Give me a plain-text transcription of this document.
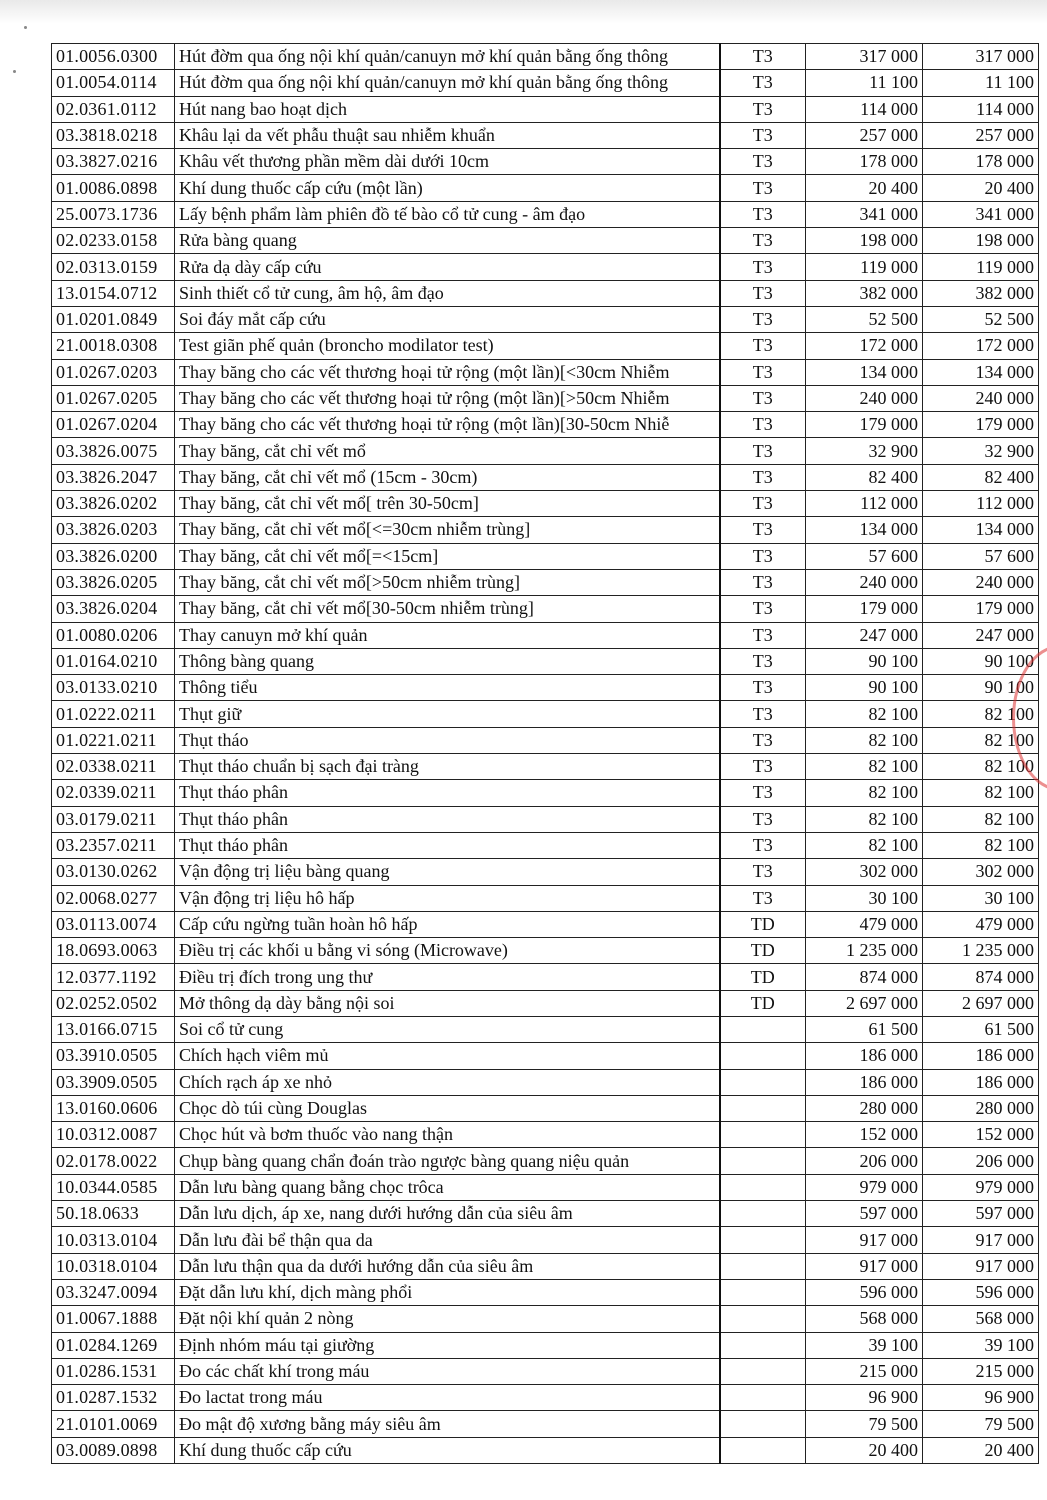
01.0056.0300	Hút đờm qua ống nội khí quản/canuyn mở khí quản bằng ống thông	T3	317 000	317 000
01.0054.0114	Hút đờm qua ống nội khí quản/canuyn mở khí quản bằng ống thông	T3	11 100	11 100
02.0361.0112	Hút nang bao hoạt dịch	T3	114 000	114 000
03.3818.0218	Khâu lại da vết phẫu thuật sau nhiễm khuẩn	T3	257 000	257 000
03.3827.0216	Khâu vết thương phần mềm dài dưới 10cm	T3	178 000	178 000
01.0086.0898	Khí dung thuốc cấp cứu (một lần)	T3	20 400	20 400
25.0073.1736	Lấy bệnh phẩm làm phiên đồ tế bào cổ tử cung - âm đạo	T3	341 000	341 000
02.0233.0158	Rửa bàng quang	T3	198 000	198 000
02.0313.0159	Rửa dạ dày cấp cứu	T3	119 000	119 000
13.0154.0712	Sinh thiết cổ tử cung, âm hộ, âm đạo	T3	382 000	382 000
01.0201.0849	Soi đáy mắt cấp cứu	T3	52 500	52 500
21.0018.0308	Test giãn phế quản (broncho modilator test)	T3	172 000	172 000
01.0267.0203	Thay băng cho các vết thương hoại tử rộng (một lần)[<30cm Nhiễm	T3	134 000	134 000
01.0267.0205	Thay băng cho các vết thương hoại tử rộng (một lần)[>50cm Nhiễm	T3	240 000	240 000
01.0267.0204	Thay băng cho các vết thương hoại tử rộng (một lần)[30-50cm Nhiễ	T3	179 000	179 000
03.3826.0075	Thay băng, cắt chỉ vết mổ	T3	32 900	32 900
03.3826.2047	Thay băng, cắt chỉ vết mổ (15cm - 30cm)	T3	82 400	82 400
03.3826.0202	Thay băng, cắt chỉ vết mổ[ trên 30-50cm]	T3	112 000	112 000
03.3826.0203	Thay băng, cắt chỉ vết mổ[<=30cm nhiễm trùng]	T3	134 000	134 000
03.3826.0200	Thay băng, cắt chỉ vết mổ[=<15cm]	T3	57 600	57 600
03.3826.0205	Thay băng, cắt chỉ vết mổ[>50cm nhiễm trùng]	T3	240 000	240 000
03.3826.0204	Thay băng, cắt chỉ vết mổ[30-50cm nhiễm trùng]	T3	179 000	179 000
01.0080.0206	Thay canuyn mở khí quản	T3	247 000	247 000
01.0164.0210	Thông bàng quang	T3	90 100	90 100
03.0133.0210	Thông tiểu	T3	90 100	90 100
01.0222.0211	Thụt giữ	T3	82 100	82 100
01.0221.0211	Thụt tháo	T3	82 100	82 100
02.0338.0211	Thụt tháo chuẩn bị sạch đại tràng	T3	82 100	82 100
02.0339.0211	Thụt tháo phân	T3	82 100	82 100
03.0179.0211	Thụt tháo phân	T3	82 100	82 100
03.2357.0211	Thụt tháo phân	T3	82 100	82 100
03.0130.0262	Vận động trị liệu bàng quang	T3	302 000	302 000
02.0068.0277	Vận động trị liệu hô hấp	T3	30 100	30 100
03.0113.0074	Cấp cứu ngừng tuần hoàn hô hấp	TD	479 000	479 000
18.0693.0063	Điều trị các khối u bằng vi sóng (Microwave)	TD	1 235 000	1 235 000
12.0377.1192	Điều trị đích trong ung thư	TD	874 000	874 000
02.0252.0502	Mở thông dạ dày bằng nội soi	TD	2 697 000	2 697 000
13.0166.0715	Soi cổ tử cung		61 500	61 500
03.3910.0505	Chích hạch viêm mủ		186 000	186 000
03.3909.0505	Chích rạch áp xe nhỏ		186 000	186 000
13.0160.0606	Chọc dò túi cùng Douglas		280 000	280 000
10.0312.0087	Chọc hút và bơm thuốc vào nang thận		152 000	152 000
02.0178.0022	Chụp bàng quang chẩn đoán trào ngược bàng quang niệu quản		206 000	206 000
10.0344.0585	Dẫn lưu bàng quang bằng chọc trôca		979 000	979 000
50.18.0633	Dẫn lưu dịch, áp xe, nang dưới hướng dẫn của siêu âm		597 000	597 000
10.0313.0104	Dẫn lưu đài bể thận qua da		917 000	917 000
10.0318.0104	Dẫn lưu thận qua da dưới hướng dẫn của siêu âm		917 000	917 000
03.3247.0094	Đặt dẫn lưu khí, dịch màng phổi		596 000	596 000
01.0067.1888	Đặt nội khí quản 2 nòng		568 000	568 000
01.0284.1269	Định nhóm máu tại giường		39 100	39 100
01.0286.1531	Đo các chất khí trong máu		215 000	215 000
01.0287.1532	Đo lactat trong máu		96 900	96 900
21.0101.0069	Đo mật độ xương bằng máy siêu âm		79 500	79 500
03.0089.0898	Khí dung thuốc cấp cứu		20 400	20 400
